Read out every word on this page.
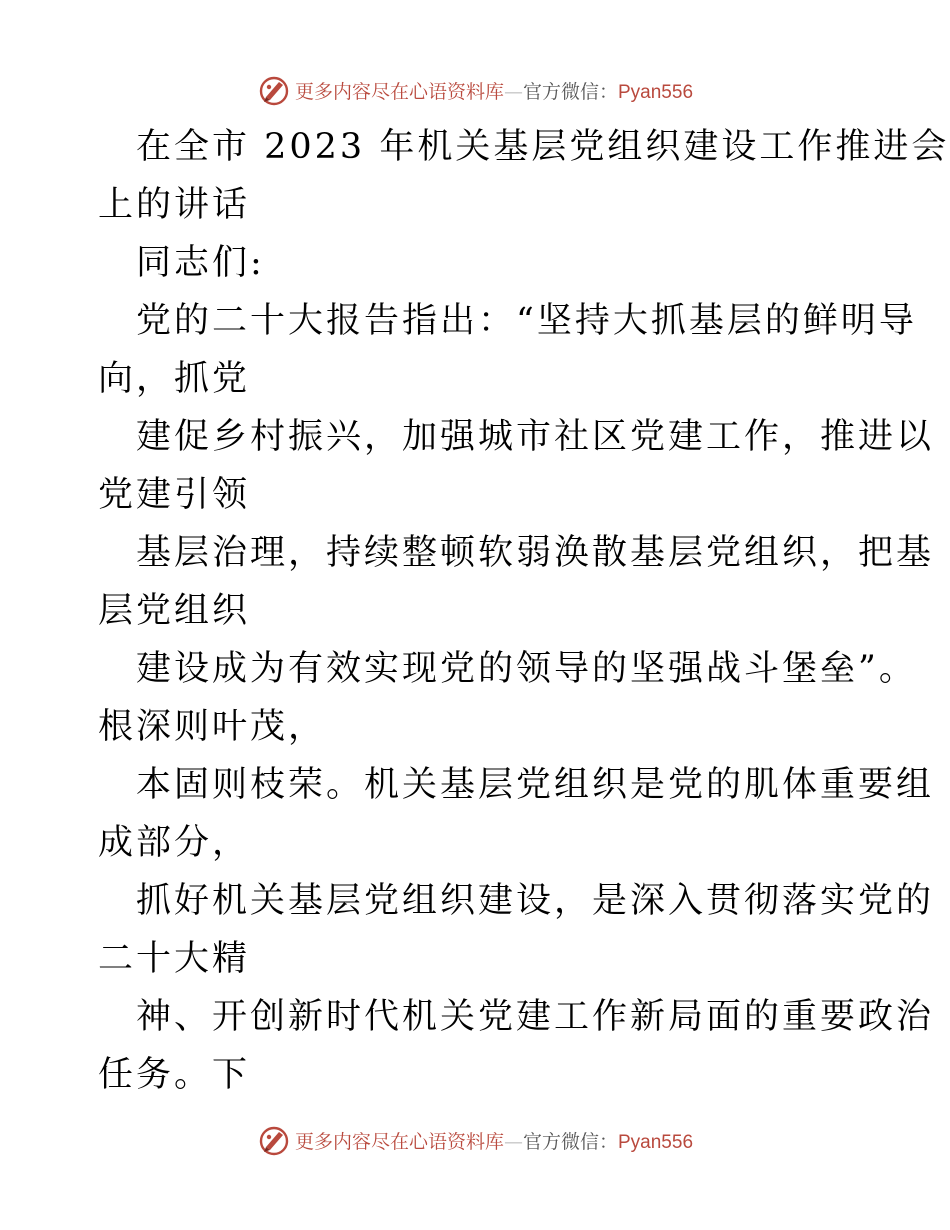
更多内容尽在心语资料库—官方微信：Pyan556
在全市 2023 年机关基层党组织建设工作推进会
上的讲话
同志们:
党的二十大报告指出：“坚持大抓基层的鲜明导
向，抓党
建促乡村振兴，加强城市社区党建工作，推进以
党建引领
基层治理，持续整顿软弱涣散基层党组织，把基
层党组织
建设成为有效实现党的领导的坚强战斗堡垒”。
根深则叶茂，
本固则枝荣。机关基层党组织是党的肌体重要组
成部分，
抓好机关基层党组织建设，是深入贯彻落实党的
二十大精
神、开创新时代机关党建工作新局面的重要政治
任务。下
更多内容尽在心语资料库—官方微信：Pyan556
